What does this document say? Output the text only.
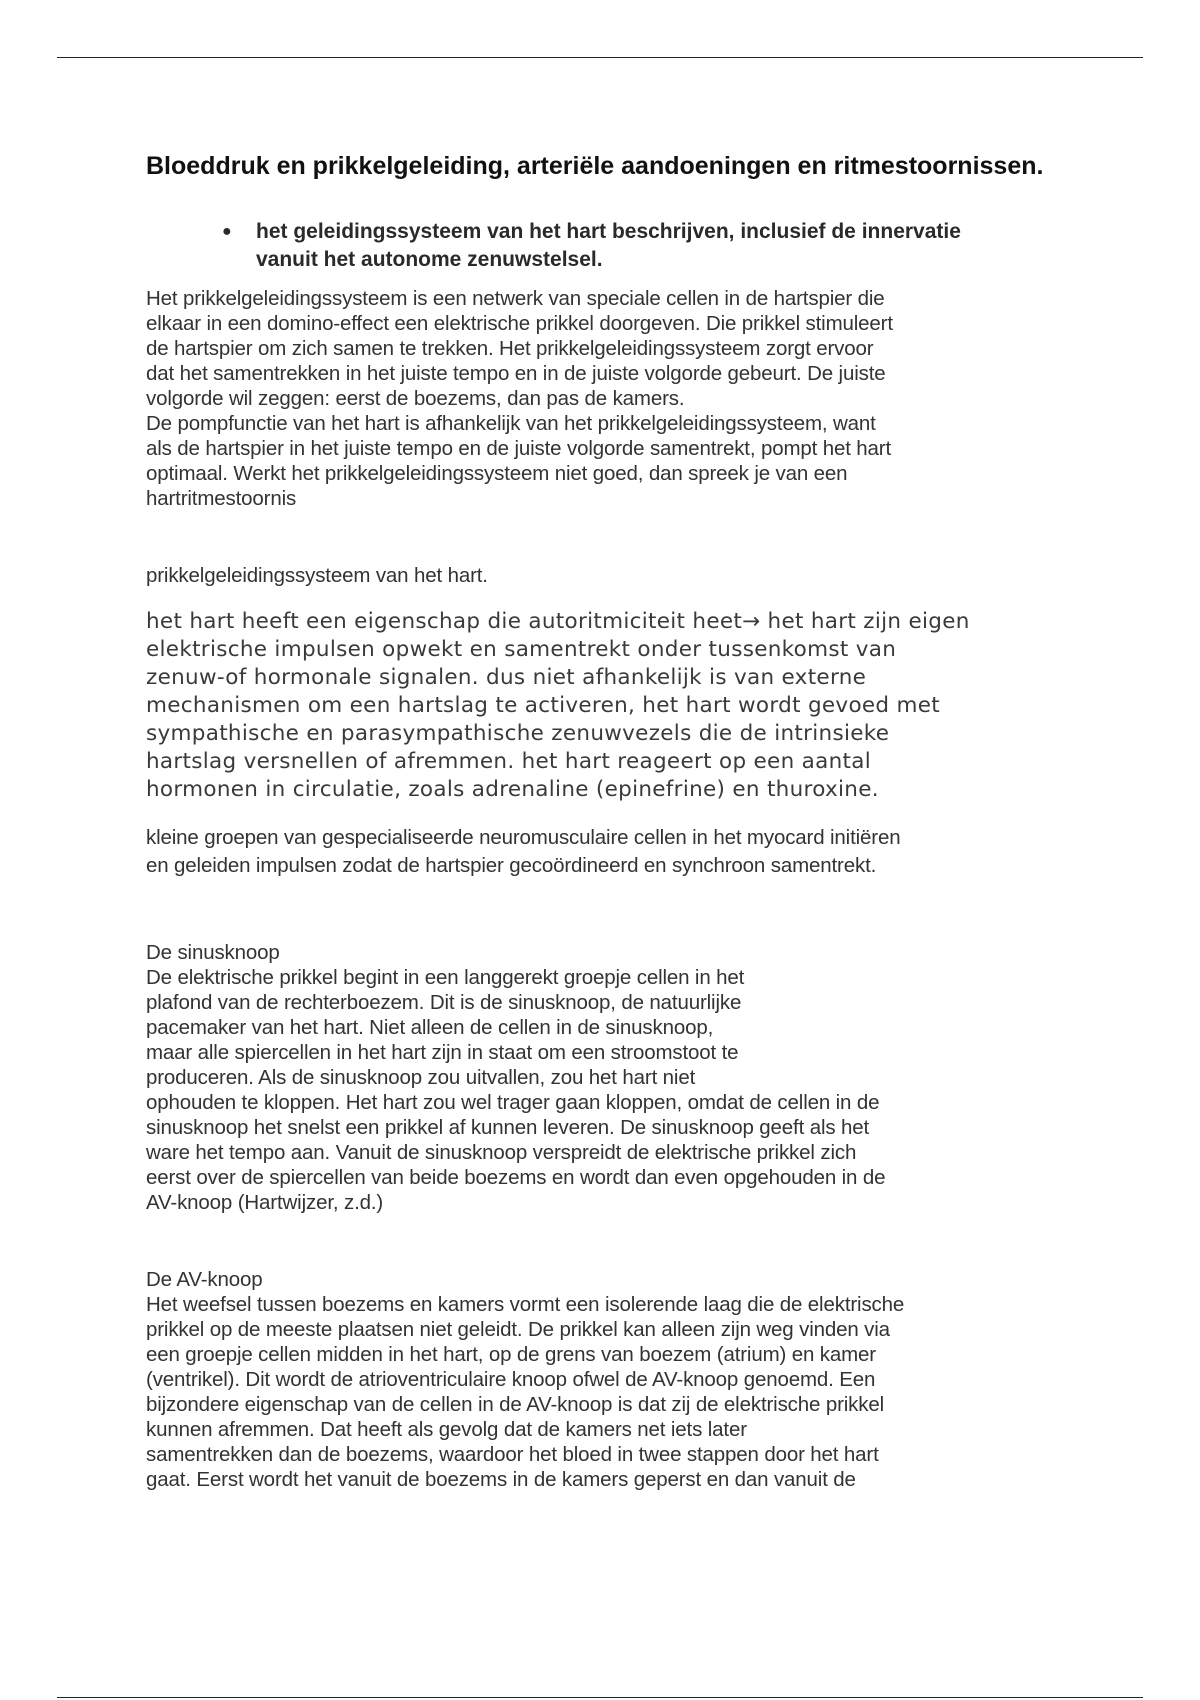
Bloeddruk en prikkelgeleiding, arteriële aandoeningen en ritmestoornissen.
● het geleidingssysteem van het hart beschrijven, inclusief de innervatie vanuit het autonome zenuwstelsel.

Het prikkelgeleidingssysteem is een netwerk van speciale cellen in de hartspier die
elkaar in een domino-effect een elektrische prikkel doorgeven. Die prikkel stimuleert
de hartspier om zich samen te trekken. Het prikkelgeleidingssysteem zorgt ervoor
dat het samentrekken in het juiste tempo en in de juiste volgorde gebeurt. De juiste
volgorde wil zeggen: eerst de boezems, dan pas de kamers.
De pompfunctie van het hart is afhankelijk van het prikkelgeleidingssysteem, want
als de hartspier in het juiste tempo en de juiste volgorde samentrekt, pompt het hart
optimaal. Werkt het prikkelgeleidingssysteem niet goed, dan spreek je van een
hartritmestoornis

prikkelgeleidingssysteem van het hart.

het hart heeft een eigenschap die autoritmiciteit heet→ het hart zijn eigen
elektrische impulsen opwekt en samentrekt onder tussenkomst van
zenuw-of hormonale signalen. dus niet afhankelijk is van externe
mechanismen om een hartslag te activeren, het hart wordt gevoed met
sympathische en parasympathische zenuwvezels die de intrinsieke
hartslag versnellen of afremmen. het hart reageert op een aantal
hormonen in circulatie, zoals adrenaline (epinefrine) en thuroxine.

kleine groepen van gespecialiseerde neuromusculaire cellen in het myocard initiëren
en geleiden impulsen zodat de hartspier gecoördineerd en synchroon samentrekt.

De sinusknoop

De elektrische prikkel begint in een langgerekt groepje cellen in het
plafond van de rechterboezem. Dit is de sinusknoop, de natuurlijke
pacemaker van het hart. Niet alleen de cellen in de sinusknoop,
maar alle spiercellen in het hart zijn in staat om een stroomstoot te
produceren. Als de sinusknoop zou uitvallen, zou het hart niet
ophouden te kloppen. Het hart zou wel trager gaan kloppen, omdat de cellen in de
sinusknoop het snelst een prikkel af kunnen leveren. De sinusknoop geeft als het
ware het tempo aan. Vanuit de sinusknoop verspreidt de elektrische prikkel zich
eerst over de spiercellen van beide boezems en wordt dan even opgehouden in de
AV-knoop (Hartwijzer, z.d.)

De AV-knoop

Het weefsel tussen boezems en kamers vormt een isolerende laag die de elektrische
prikkel op de meeste plaatsen niet geleidt. De prikkel kan alleen zijn weg vinden via
een groepje cellen midden in het hart, op de grens van boezem (atrium) en kamer
(ventrikel). Dit wordt de atrioventriculaire knoop ofwel de AV-knoop genoemd. Een
bijzondere eigenschap van de cellen in de AV-knoop is dat zij de elektrische prikkel
kunnen afremmen. Dat heeft als gevolg dat de kamers net iets later
samentrekken dan de boezems, waardoor het bloed in twee stappen door het hart
gaat. Eerst wordt het vanuit de boezems in de kamers geperst en dan vanuit de
